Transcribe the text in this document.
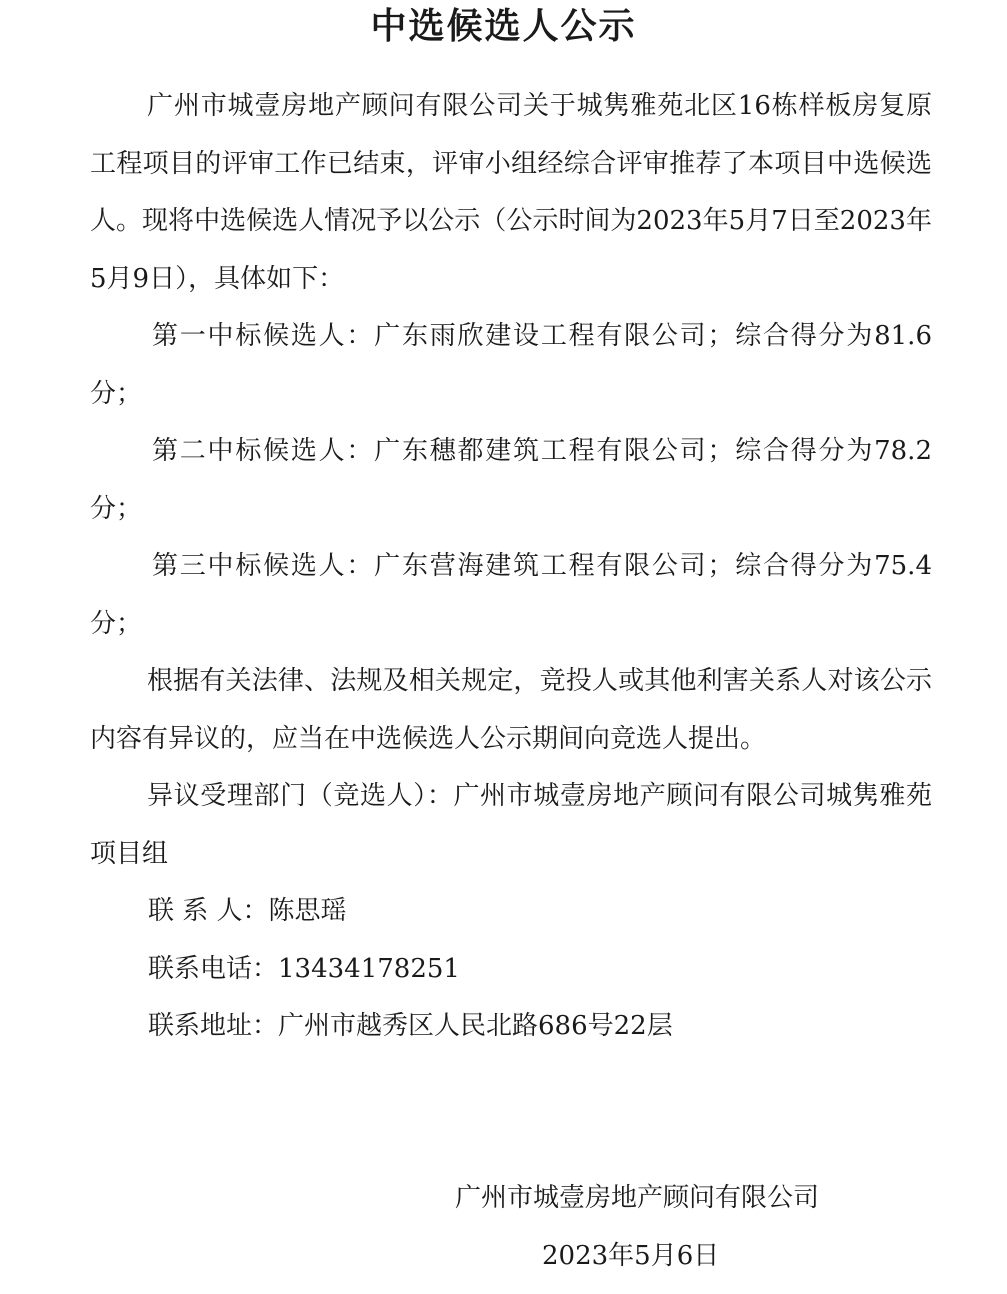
中选候选人公示

广州市城壹房地产顾问有限公司关于城隽雅苑北区16栋样板房复原工程项目的评审工作已结束，评审小组经综合评审推荐了本项目中选候选人。现将中选候选人情况予以公示（公示时间为2023年5月7日至2023年5月9日），具体如下：

第一中标候选人：广东雨欣建设工程有限公司；综合得分为81.6分；

第二中标候选人：广东穗都建筑工程有限公司；综合得分为78.2分；

第三中标候选人：广东营海建筑工程有限公司；综合得分为75.4分；

根据有关法律、法规及相关规定，竞投人或其他利害关系人对该公示内容有异议的，应当在中选候选人公示期间向竞选人提出。

异议受理部门（竞选人）：广州市城壹房地产顾问有限公司城隽雅苑项目组

联 系 人：陈思瑶

联系电话：13434178251

联系地址：广州市越秀区人民北路686号22层

广州市城壹房地产顾问有限公司

2023年5月6日
